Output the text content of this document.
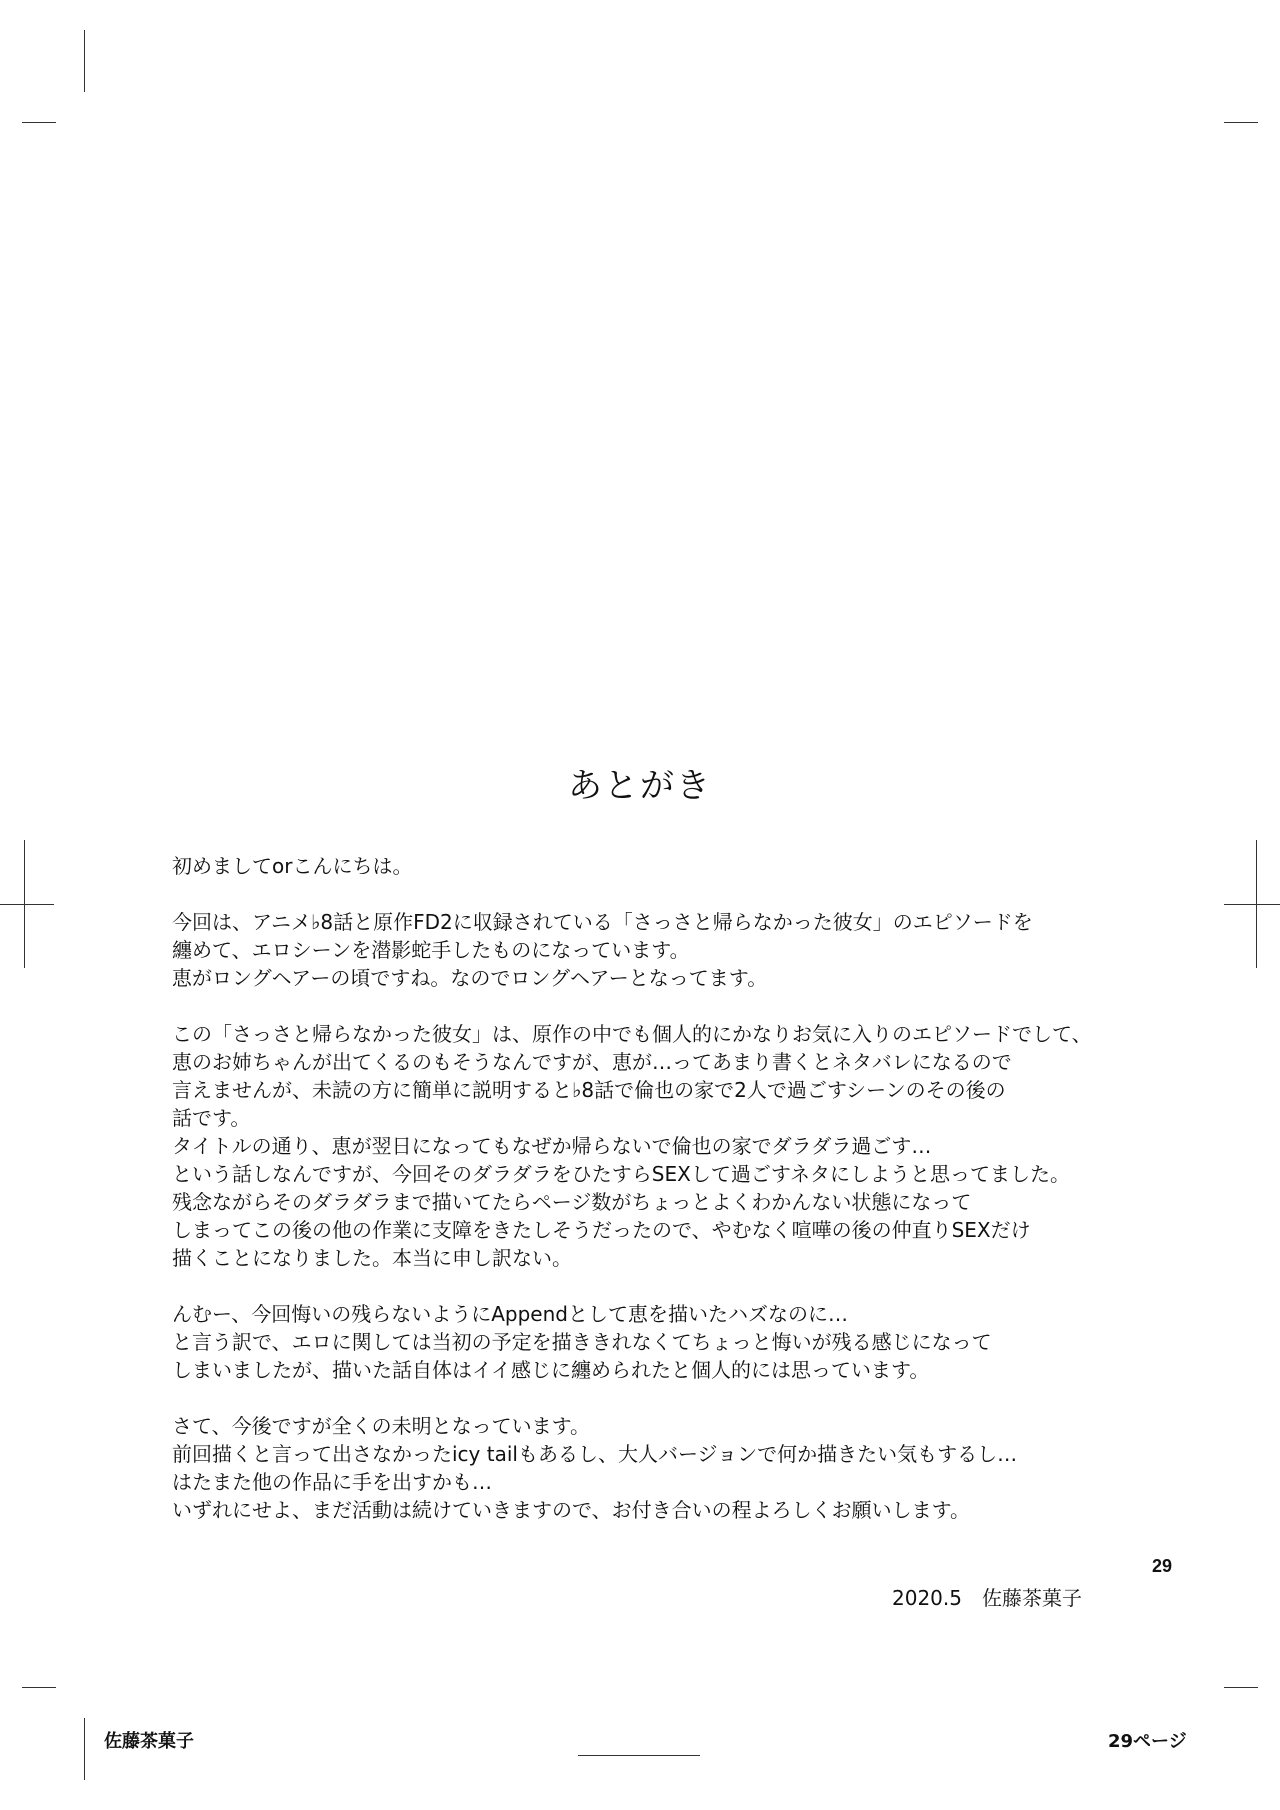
あとがき
初めましてorこんにちは。
今回は、アニメ♭8話と原作FD2に収録されている「さっさと帰らなかった彼女」のエピソードを
纏めて、エロシーンを潜影蛇手したものになっています。
恵がロングヘアーの頃ですね。なのでロングヘアーとなってます。
この「さっさと帰らなかった彼女」は、原作の中でも個人的にかなりお気に入りのエピソードでして、
恵のお姉ちゃんが出てくるのもそうなんですが、恵が…ってあまり書くとネタバレになるので
言えませんが、未読の方に簡単に説明すると♭8話で倫也の家で2人で過ごすシーンのその後の
話です。
タイトルの通り、恵が翌日になってもなぜか帰らないで倫也の家でダラダラ過ごす…
という話しなんですが、今回そのダラダラをひたすらSEXして過ごすネタにしようと思ってました。
残念ながらそのダラダラまで描いてたらページ数がちょっとよくわかんない状態になって
しまってこの後の他の作業に支障をきたしそうだったので、やむなく喧嘩の後の仲直りSEXだけ
描くことになりました。本当に申し訳ない。
んむー、今回悔いの残らないようにAppendとして恵を描いたハズなのに…
と言う訳で、エロに関しては当初の予定を描ききれなくてちょっと悔いが残る感じになって
しまいましたが、描いた話自体はイイ感じに纏められたと個人的には思っています。
さて、今後ですが全くの未明となっています。
前回描くと言って出さなかったicy tailもあるし、大人バージョンで何か描きたい気もするし…
はたまた他の作品に手を出すかも…
いずれにせよ、まだ活動は続けていきますので、お付き合いの程よろしくお願いします。
29
2020.5　佐藤茶菓子
佐藤茶菓子	29ページ
